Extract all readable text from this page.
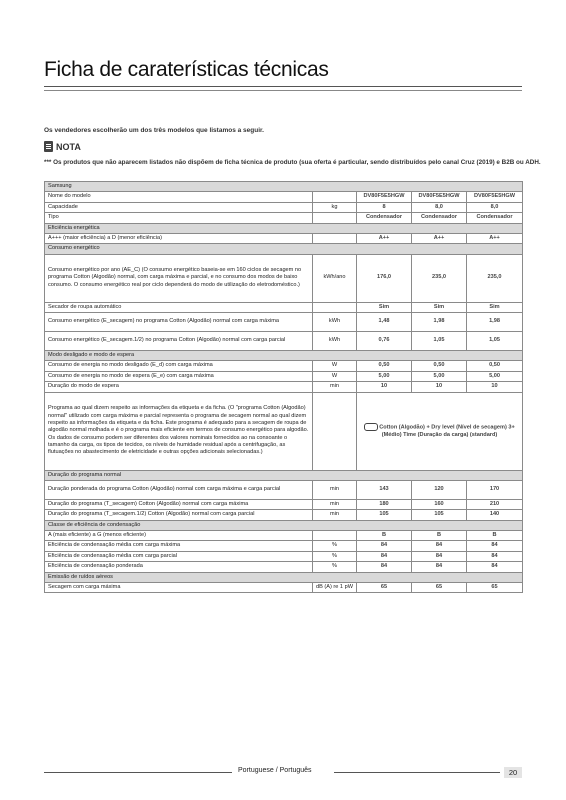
Ficha de caraterísticas técnicas
Os vendedores escolherão um dos três modelos que listamos a seguir.
NOTA
*** Os produtos que não aparecem listados não dispõem de ficha técnica de produto (sua oferta é particular, sendo distribuídos pelo canal Cruz (2019) e B2B ou ADH.
Samsung				
Nome do modelo		DV80F5E5HGW	DV80F5E5HGW	DV80F5E5HGW
Capacidade	kg	8	8,0	8,0
Tipo		Condensador	Condensador	Condensador
Eficiência energética				
A+++ (maior eficiência) a D (menor eficiência)		A++	A++	A++
Consumo energético				
Consumo energético por ano (AE_C) (O consumo energético baseia-se em 160 ciclos de secagem no programa Cotton (Algodão) normal, com carga máxima e parcial, e no consumo dos modos de baixo consumo. O consumo energético real por ciclo dependerá do modo de utilização do eletrodoméstico.)	kWh/ano	176,0	235,0	235,0
Secador de roupa automático		Sim	Sim	Sim
Consumo energético (E_secagem) no programa Cotton (Algodão) normal com carga máxima	kWh	1,48	1,98	1,98
Consumo energético (E_secagem.1/2) no programa Cotton (Algodão) normal com carga parcial	kWh	0,76	1,05	1,05
Modo desligado e modo de espera				
Consumo de energia no modo desligado (E_d) com carga máxima	W	0,50	0,50	0,50
Consumo de energia no modo de espera (E_e) com carga máxima	W	5,00	5,00	5,00
Duração do modo de espera	min	10	10	10
Programa ao qual dizem respeito as informações da etiqueta e da ficha. (O "programa Cotton (Algodão) normal" utilizado com carga máxima e parcial representa o programa de secagem normal ao qual dizem respeito as informações da etiqueta e da ficha. Este programa é adequado para a secagem de roupa de algodão normal molhada e é o programa mais eficiente em termos de consumo energético para algodão. Os dados de consumo podem ser diferentes dos valores nominais fornecidos ao na consoante o tamanho da carga, os tipos de tecidos, os níveis de humidade residual após a centrifugação, as flutuações no abastecimento de eletricidade e outras opções adicionais selecionadas.)		Cotton (Algodão) + Dry level (Nível de secagem) 3+ (Médio) Time (Duração da carga) (standard)		
Duração do programa normal				
Duração ponderada do programa Cotton (Algodão) normal com carga máxima e carga parcial	min	143	120	170
Duração do programa (T_secagem) Cotton (Algodão) normal com carga máxima	min	180	160	210
Duração do programa (T_secagem.1/2) Cotton (Algodão) normal com carga parcial	min	105	105	140
Classe de eficiência de condensação				
A (mais eficiente) a G (menos eficiente)		B	B	B
Eficiência de condensação média com carga máxima	%	84	84	84
Eficiência de condensação média com carga parcial	%	84	84	84
Eficiência de condensação ponderada	%	84	84	84
Emissão de ruídos aéreos				
Secagem com carga máxima	dB (A) re 1 pW	65	65	65
Portuguese / Português	20
